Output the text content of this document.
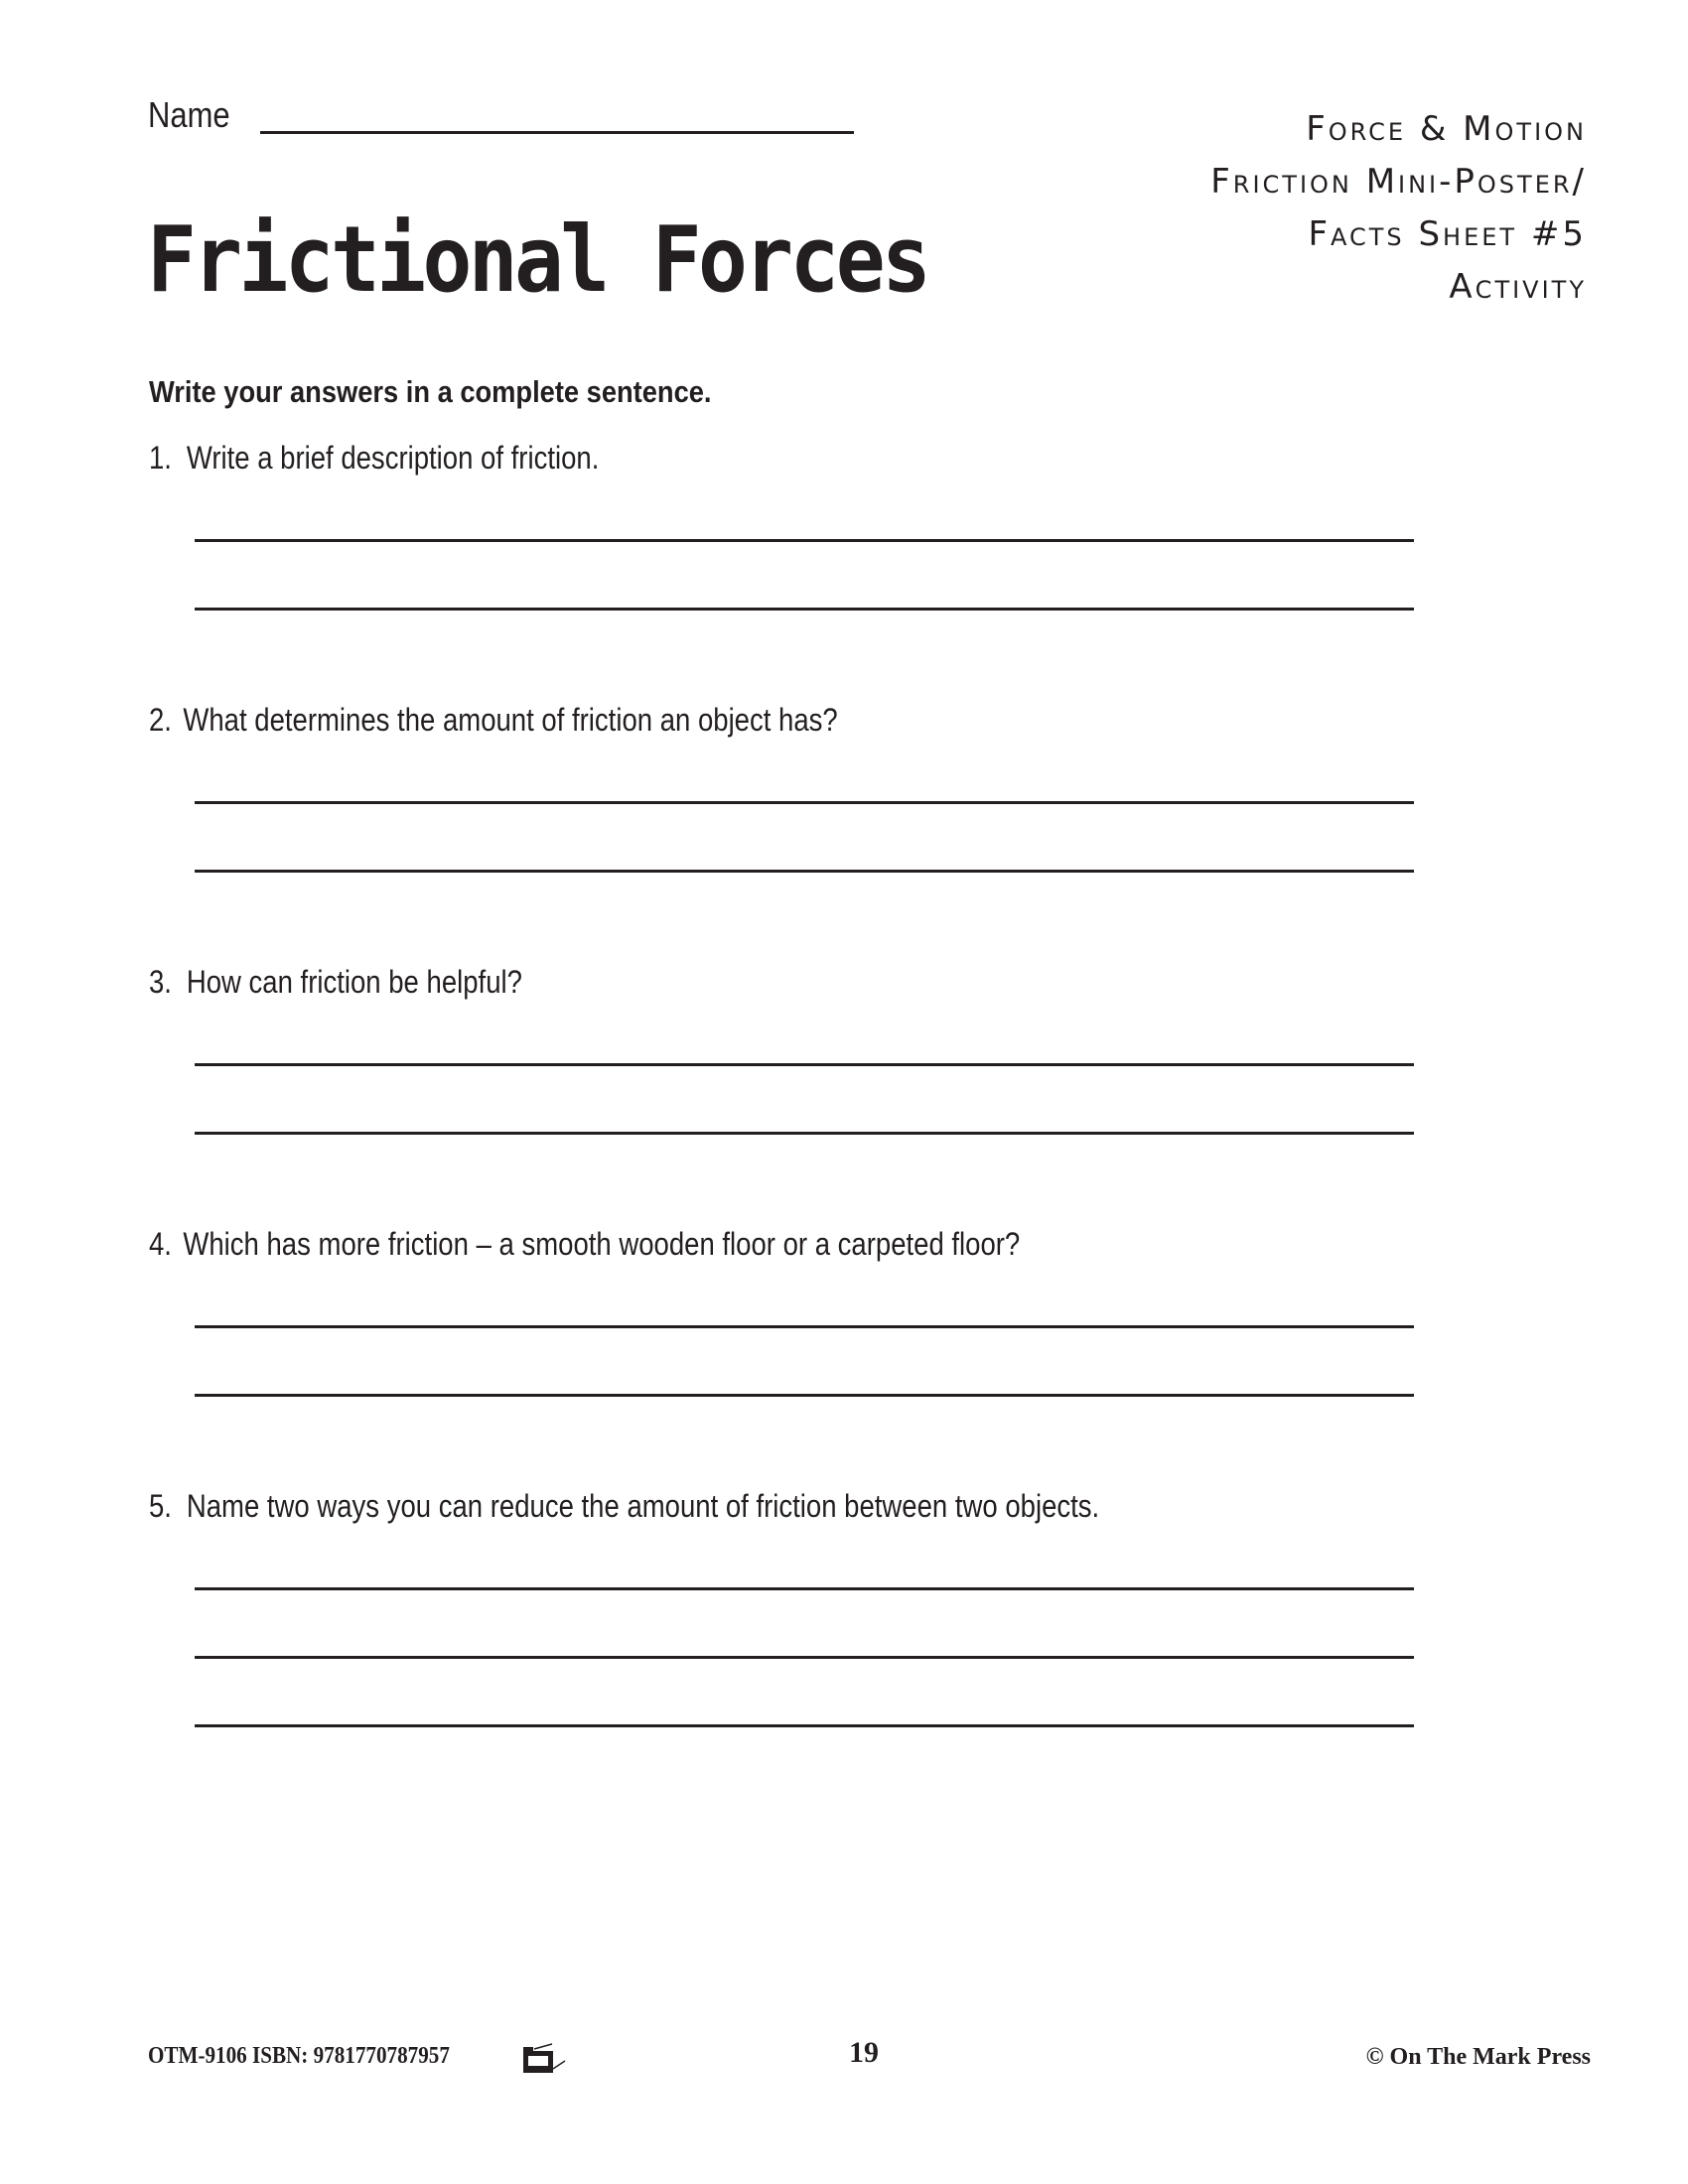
Name
Frictional Forces
Force & Motion
Friction Mini-Poster/
Facts Sheet #5
Activity
Write your answers in a complete sentence.
1. Write a brief description of friction.
2. What determines the amount of friction an object has?
3. How can friction be helpful?
4. Which has more friction – a smooth wooden floor or a carpeted floor?
5. Name two ways you can reduce the amount of friction between two objects.
OTM-9106 ISBN: 9781770787957	19	© On The Mark Press
